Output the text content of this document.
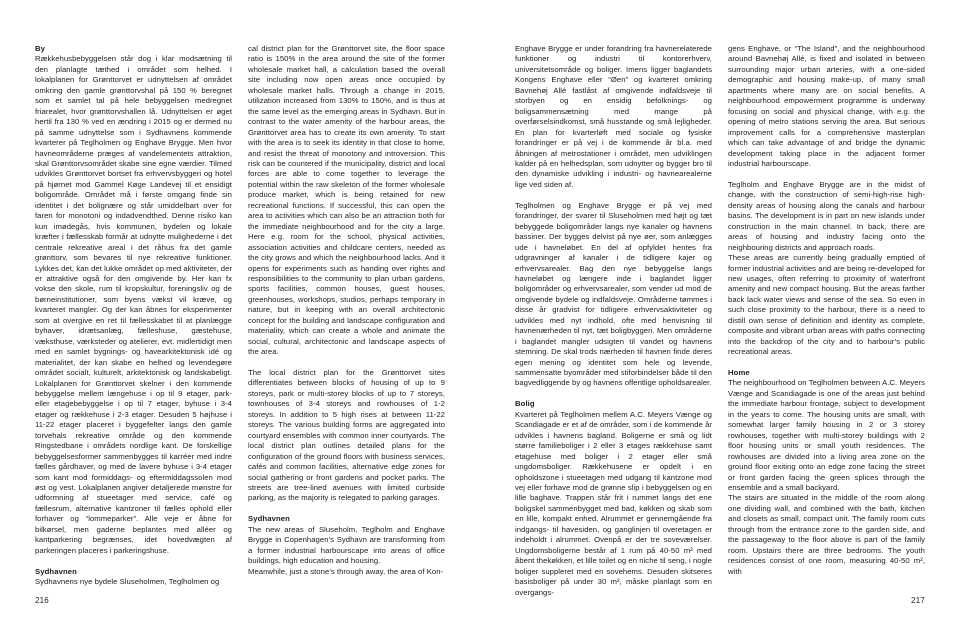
By

Rækkehusbebyggelsen står dog i klar modsætning til den planlagte tæthed i området som helhed. I lokalplanen for Grønttorvet er udnyttelsen af området omkring den gamle grønttorvshal på 150 % beregnet som et samlet tal på hele bebyggelsen medregnet friarealet, hvor grønttorvshallen lå. Udnyttelsen er øget hertil fra 130 % ved en ændring i 2015 og er dermed nu på samme udnyttelse som i Sydhavnens kommende kvarterer på Teglholmen og Enghave Brygge. Men hvor havneområderne præges af vandelementets attraktion, skal Grønttorvsområdet skabe sine egne værdier. Tilmed udvikles Grønttorvet bortset fra erhvervsbyggeri og hotel på hjørnet mod Gammel Køge Landevej til et ensidigt boligområde. Området må i første omgang finde sin identitet i det bolignære og står umiddelbart over for faren for monotoni og indadvendthed. Denne risiko kan kun imødegås, hvis kommunen, bydelen og lokale kræfter i fællesskab formår at udnytte mulighederne i det centrale rekreative areal i det råhus fra det gamle grønttorv, som bevares til nye rekreative funktioner. Lykkes det, kan det lukke området op med aktiviteter, der er attraktive også for den omgivende by. Her kan fx vokse den skole, rum til kropskultur, foreningsliv og de børneinstitutioner, som byens vækst vil kræve, og kvarteret mangler. Og der kan åbnes for eksperimenter som at overgive en ret til fællesskabet til at planlægge byhaver, idrætsanlæg, fælleshuse, gæstehuse, væksthuse, værksteder og atelierer, evt. midlertidigt men med en samlet bygnings- og havearkitektonisk idé og materialitet, der kan skabe en helhed og levendegøre området socialt, kulturelt, arkitektonisk og landskabeligt. Lokalplanen for Grønttorvet skelner i den kommende bebyggelse mellem længehuse i op til 9 etager, park- eller etagebebyggelse i op til 7 etager, byhuse i 3-4 etager og rækkehuse i 2-3 etager. Desuden 5 højhuse i 11-22 etager placeret i byggefelter langs den gamle torvehals rekreative område og den kommende Ringstedbane i områdets nordlige kant. De forskellige bebyggelsesformer sammenbygges til karréer med indre fælles gårdhaver, og med de lavere byhuse i 3-4 etager som kant mod formiddags- og eftermiddagssolen mod øst og vest. Lokalplanen angiver detaljerede mønstre for udformning af stueetager med service, café og fællesrum, alternative kantzoner til fælles ophold eller forhaver og “lommeparker”. Alle veje er åbne for bilkørsel, men gaderne beplantes med alléer og kantparkering begrænses, idet hovedvægten af parkeringen placeres i parkeringshuse.

Sydhavnen

Sydhavnens nye bydele Sluseholmen, Teglholmen og

cal district plan for the Grønttorvet site, the floor space ratio is 150% in the area around the site of the former wholesale market hall, a calculation based the overall site including now open areas once occupied by wholesale market halls. Through a change in 2015, utilization increased from 130% to 150%, and is thus at the same level as the emerging areas in Sydhavn. But in contrast to the water amenity of the harbour areas, the Grønttorvet area has to create its own amenity. To start with the area is to seek its identity in that close to home, and resist the threat of monotony and introversion. This risk can be countered if the municipality, district and local forces are able to come together to leverage the potential within the raw skeleton of the former wholesale produce market, which is being retained for new recreational functions. If successful, this can open the area to activities which can also be an attraction both for the immediate neighbourhood and for the city a large. Here e.g. room for the school, physical activities, association activities and childcare centers, needed as the city grows and which the neighbourhood lacks. And it opens for experiments such as handing over rights and responsibilities to the community to plan urban gardens, sports facilities, common houses, guest houses, greenhouses, workshops, studios, perhaps temporary in nature, but in keeping with an overall architectonic concept for the building and landscape configuration and materiality, which can create a whole and animate the social, cultural, architectonic and landscape aspects of the area.

The local district plan for the Grønttorvet sites differentiates between blocks of housing of up to 9 storeys, park or multi-storey blocks of up to 7 storeys, townhouses of 3-4 storeys and rowhouses of 1-2 storeys. In addition to 5 high rises at between 11-22 storeys. The various building forms are aggregated into courtyard ensembles with common inner courtyards. The local district plan outlines detailed plans for the configuration of the ground floors with business services, cafés and common facilities, alternative edge zones for social gathering or front gardens and pocket parks. The streets are tree-lined avenues with limited curbside parking, as the majority is relegated to parking garages.

Sydhavnen

The new areas of Sluseholm, Teglholm and Enghave Brygge in Copenhagen’s Sydhavn are transforming from a former industrial harbourscape into areas of office buildings, high education and housing.

Meanwhile, just a stone’s through away, the area of Kon-

216

Enghave Brygge er under forandring fra havnerelaterede funktioner og industri til kontorerhverv, universitetsområde og boliger. Imens ligger baglandets Kongens Enghave eller “Øen” og kvarteret omkring Bavnehøj Allé fastlåst af omgivende indfaldsveje til storbyen og en ensidig befolknings- og boligsammensætning med mange på overførselsindkomst, små husstande og små lejligheder. En plan for kvarterløft med sociale og fysiske forandringer er på vej i de kommende år bl.a. med åbningen af metrostationer i området, men udviklingen kalder på en helhedsplan, som udnytter og bygger bro til den dynamiske udvikling i industri- og havnearealerne lige ved siden af.

Teglholmen og Enghave Brygge er på vej med forandringer, der svarer til Sluseholmen med højt og tæt bebyggede boligområder langs nye kanaler og havnens bassiner. Der bygges delvist på nye øer, som anlægges ude i havneløbet. En del af opfyldet hentes fra udgravninger af kanaler i de tidligere kajer og erhvervsarealer. Bag den nye bebyggelse langs havneløbet og længere inde i baglandet ligger boligområder og erhvervsarealer, som vender ud mod de omgivende bydele og indfaldsveje. Områderne tømmes i disse år gradvist for tidligere erhvervsaktiviteter og udvikles med nyt indhold, ofte med henvisning til havnenærheden til nyt, tæt boligbyggeri. Men områderne i baglandet mangler udsigten til vandet og havnens stemning. De skal trods nærheden til havnen finde deres egen mening og identitet som hele og levende, sammensatte byområder med stiforbindelser både til den bagvedliggende by og havnens offentlige opholdsarealer.

Bolig

Kvarteret på Teglholmen mellem A.C. Meyers Vænge og Scandiagade er et af de områder, som i de kommende år udvikles i havnens bagland. Boligerne er små og lidt større familieboliger i 2 eller 3 etages rækkehuse samt etagehuse med boliger i 2 etager eller små ungdomsboliger. Rækkehusene er opdelt i en opholdszone i stueetagen med udgang til kantzone mod vej eller forhave mod de grønne slip i bebyggelsen og en lille baghave. Trappen står frit i rummet langs det ene boligskel sammenbygget med bad, køkken og skab som en lille, kompakt enhed. Alrummet er gennemgående fra indgangs- til havesiden, og ganglinjen til overetagen er indeholdt i alrummet. Ovenpå er der tre soveværelser. Ungdomsboligerne består af 1 rum på 40-50 m² med åbent thekøkken, et lille toilet og en niche til seng, i nogle boliger suppleret med en sovehems. Desuden skitseres basisboliger på under 30 m², måske planlagt som en overgangs-

gens Enghave, or “The Island”, and the neighbourhood around Bavnehøj Allé, is fixed and isolated in between surrounding major urban arteries, with a one-sided demographic and housing make-up, of many small apartments where many are on social benefits. A neighbourhood empowerment programme is underway focusing on social and physical change, with e.g. the opening of metro stations serving the area. But serious improvement calls for a comprehensive masterplan which can take advantage of and bridge the dynamic development taking place in the adjacent former industrial harbourscape.

Teglholm and Enghave Brygge are in the midst of change, with the construction of semi-high-rise high-density areas of housing along the canals and harbour basins. The development is in part on new islands under construction in the main channel. In back, there are areas of housing and industry facing onto the neighbouring districts and approach roads.

These areas are currently being gradually emptied of former industrial activities and are being re-developed for new usages, often referring to proximity of waterfront amenity and new compact housing. But the areas farther back lack water views and sense of the sea. So even in such close proximity to the harbour, there is a need to distill own sense of definition and identity as complete, composite and vibrant urban areas with paths connecting into the backdrop of the city and to harbour’s public recreational areas.

Home

The neighbourhood on Teglholmen between A.C. Meyers Vænge and Scandiagade is one of the areas just behind the immediate harbour frontage, subject to development in the years to come. The housing units are small, with somewhat larger family housing in 2 or 3 storey rowhouses, together with multi-storey buildings with 2 floor housing units or small youth residences. The rowhouses are divided into a living area zone on the ground floor exiting onto an edge zone facing the street or front garden facing the green splices through the ensemble and a small backyard.

The stairs are situated in the middle of the room along one dividing wall, and combined with the bath, kitchen and closets as small, compact unit. The family room cuts through from the entrance zone to the garden side, and the passageway to the floor above is part of the family room. Upstairs there are three bedrooms. The youth residences consist of one room, measuring 40-50 m², with

217
